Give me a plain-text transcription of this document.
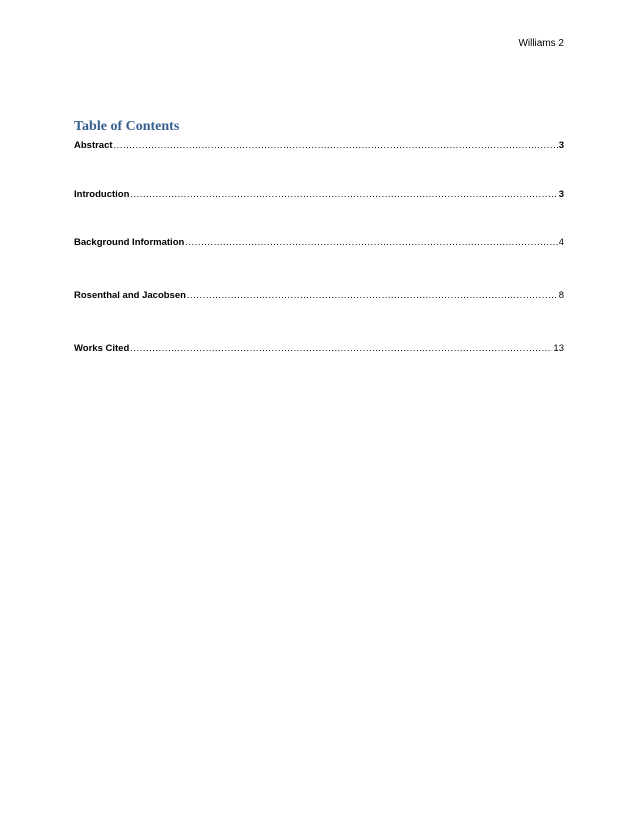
Williams 2
Table of Contents
Abstract .....	3
Introduction .....	3
Background Information .....	4
Rosenthal and Jacobsen .....	8
Works Cited .....	13
